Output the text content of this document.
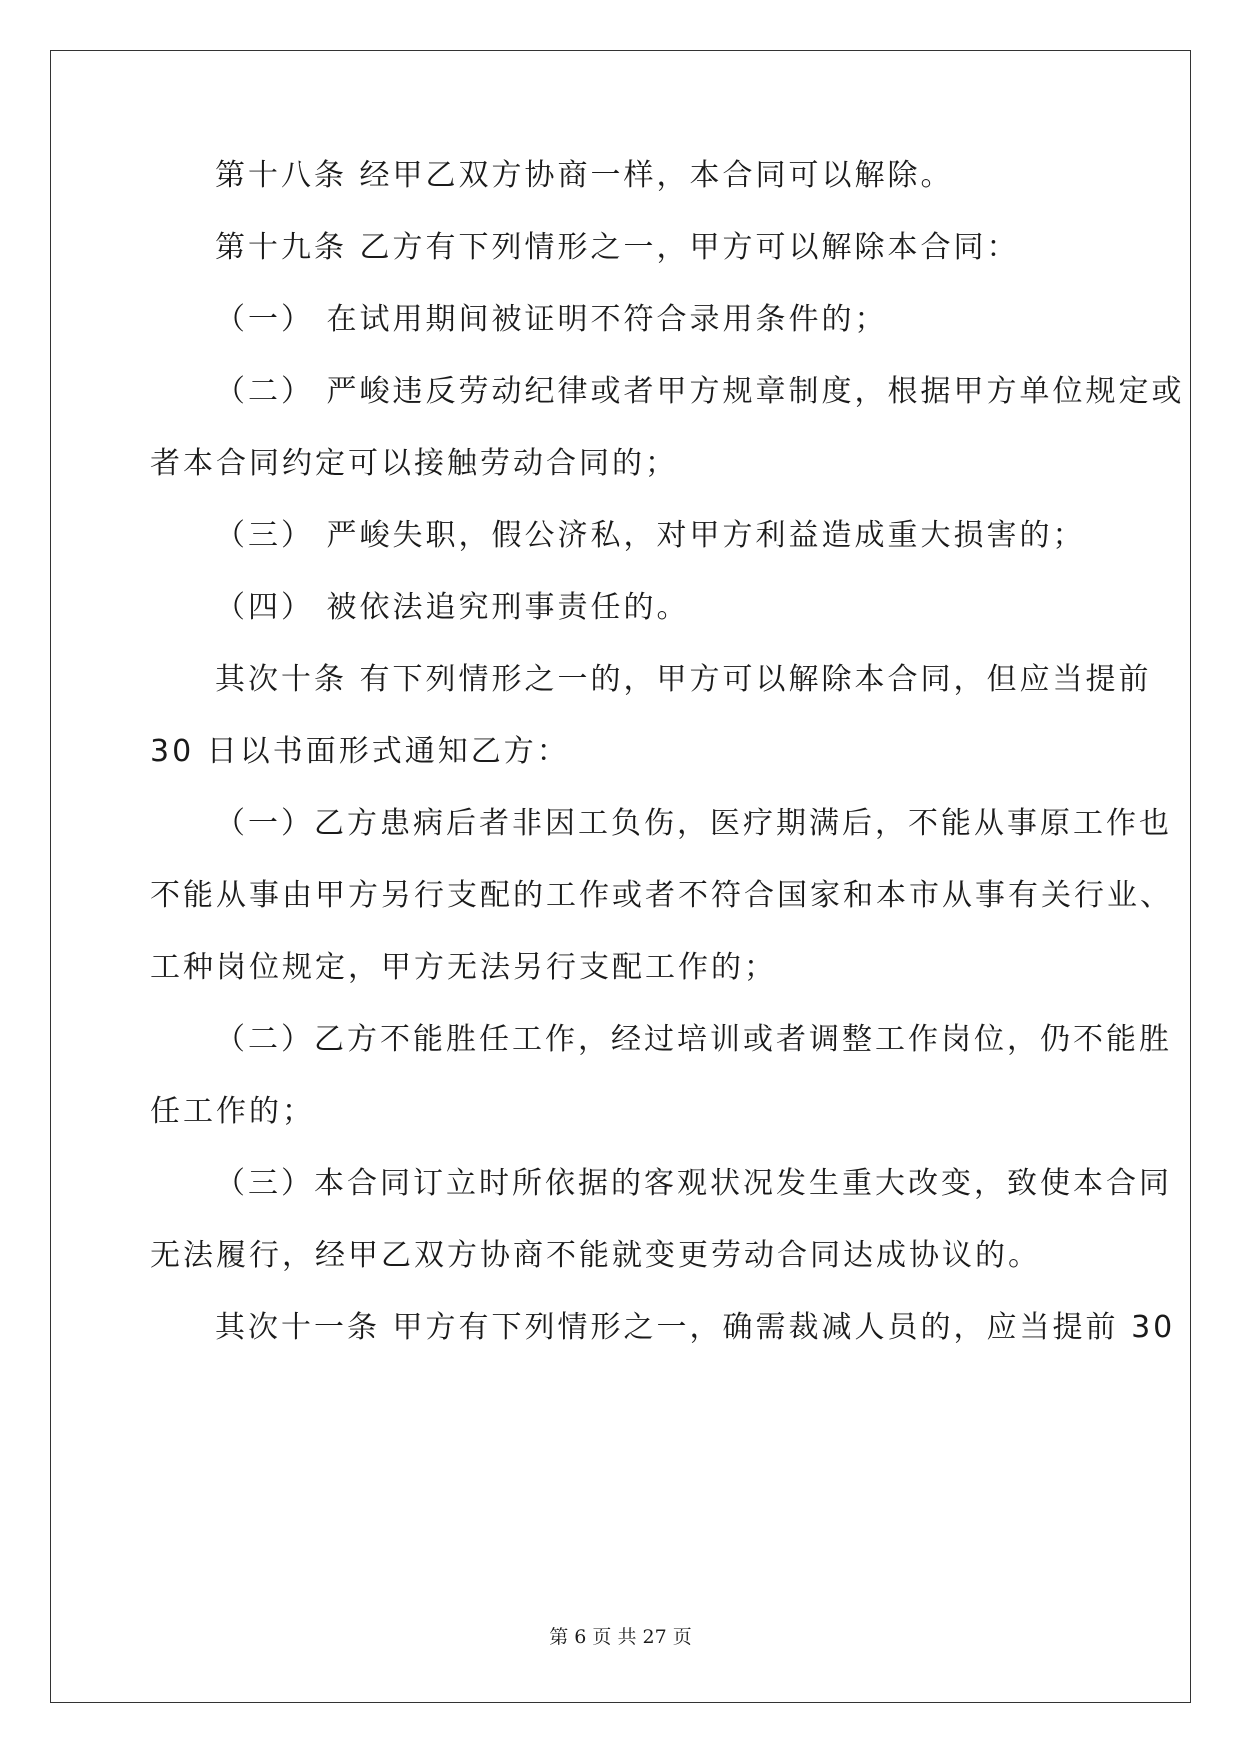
第十八条 经甲乙双方协商一样，本合同可以解除。
第十九条 乙方有下列情形之一，甲方可以解除本合同：
（一） 在试用期间被证明不符合录用条件的；
（二） 严峻违反劳动纪律或者甲方规章制度，根据甲方单位规定或
者本合同约定可以接触劳动合同的；
（三） 严峻失职，假公济私，对甲方利益造成重大损害的；
（四） 被依法追究刑事责任的。
其次十条 有下列情形之一的，甲方可以解除本合同，但应当提前
30 日以书面形式通知乙方：
（一）乙方患病后者非因工负伤，医疗期满后，不能从事原工作也
不能从事由甲方另行支配的工作或者不符合国家和本市从事有关行业、
工种岗位规定，甲方无法另行支配工作的；
（二）乙方不能胜任工作，经过培训或者调整工作岗位，仍不能胜
任工作的；
（三）本合同订立时所依据的客观状况发生重大改变，致使本合同
无法履行，经甲乙双方协商不能就变更劳动合同达成协议的。
其次十一条 甲方有下列情形之一，确需裁减人员的，应当提前 30
第 6 页 共 27 页
